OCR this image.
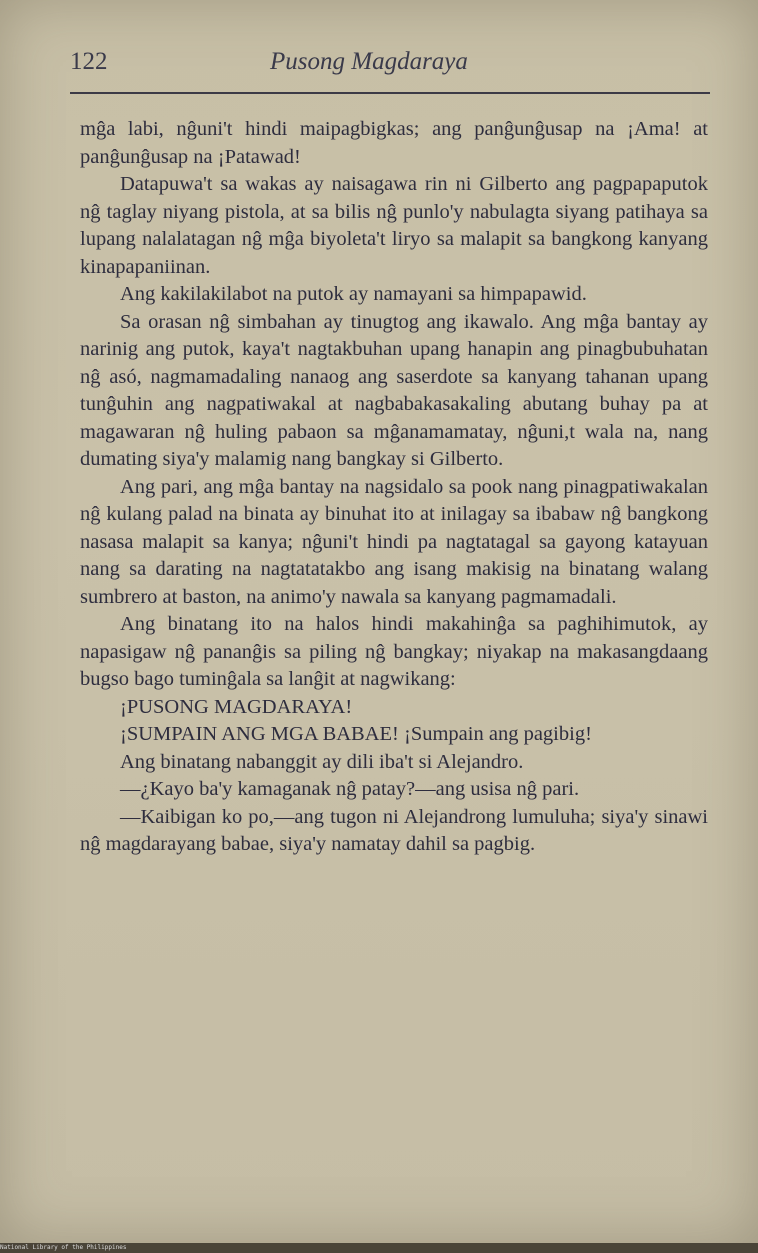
122	Pusong Magdaraya

mĝa labi, nĝuni't hindi maipagbigkas; ang panĝunĝusap na ¡Ama! at panĝunĝusap na ¡Patawad!

Datapuwa't sa wakas ay naisagawa rin ni Gilberto ang pagpapaputok nĝ taglay niyang pistola, at sa bilis nĝ punlo'y nabulagta siyang patihaya sa lupang nalalatagan nĝ mĝa biyoleta't liryo sa malapit sa bangkong kanyang kinapapaniinan.

Ang kakilakilabot na putok ay namayani sa himpapawid.

Sa orasan nĝ simbahan ay tinugtog ang ikawalo. Ang mĝa bantay ay narinig ang putok, kaya't nagtakbuhan upang hanapin ang pinagbubuhatan nĝ asó, nagmamadaling nanaog ang saserdote sa kanyang tahanan upang tunĝuhin ang nagpatiwakal at nagbabakasakaling abutang buhay pa at magawaran nĝ huling pabaon sa mĝanamamatay, nĝuni,t wala na, nang dumating siya'y malamig nang bangkay si Gilberto.

Ang pari, ang mĝa bantay na nagsidalo sa pook nang pinagpatiwakalan nĝ kulang palad na binata ay binuhat ito at inilagay sa ibabaw nĝ bangkong nasasa malapit sa kanya; nĝuni't hindi pa nagtatagal sa gayong katayuan nang sa darating na nagtatatakbo ang isang makisig na binatang walang sumbrero at baston, na animo'y nawala sa kanyang pagmamadali.

Ang binatang ito na halos hindi makahinĝa sa paghihimutok, ay napasigaw nĝ pananĝis sa piling nĝ bangkay; niyakap na makasangdaang bugso bago tuminĝala sa lanĝit at nagwikang:

¡PUSONG MAGDARAYA!

¡SUMPAIN ANG MGA BABAE! ¡Sumpain ang pagibig!

Ang binatang nabanggit ay dili iba't si Alejandro.

—¿Kayo ba'y kamaganak nĝ patay?—ang usisa nĝ pari.

—Kaibigan ko po,—ang tugon ni Alejandrong lumuluha; siya'y sinawi nĝ magdarayang babae, siya'y namatay dahil sa pagbig.

National Library of the Philippines
